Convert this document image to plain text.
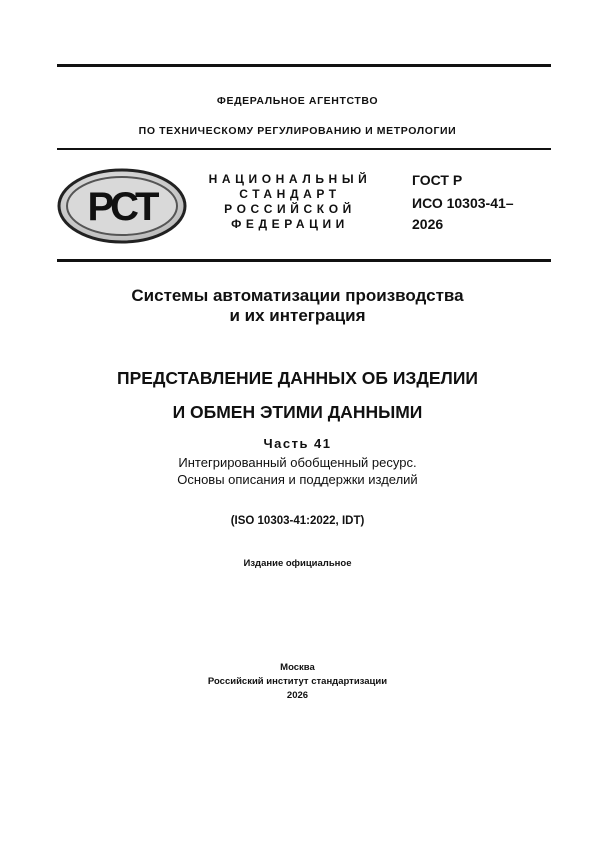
ФЕДЕРАЛЬНОЕ АГЕНТСТВО
ПО ТЕХНИЧЕСКОМУ РЕГУЛИРОВАНИЮ И МЕТРОЛОГИИ
РСТ
НАЦИОНАЛЬНЫЙ
СТАНДАРТ
РОССИЙСКОЙ
ФЕДЕРАЦИИ
ГОСТ Р
ИСО 10303-41–
2026
Системы автоматизации производства
и их интеграция
ПРЕДСТАВЛЕНИЕ ДАННЫХ ОБ ИЗДЕЛИИ
И ОБМЕН ЭТИМИ ДАННЫМИ
Часть 41
Интегрированный обобщенный ресурс.
Основы описания и поддержки изделий
(ISO 10303-41:2022, IDT)
Издание официальное
Москва
Российский институт стандартизации
2026
